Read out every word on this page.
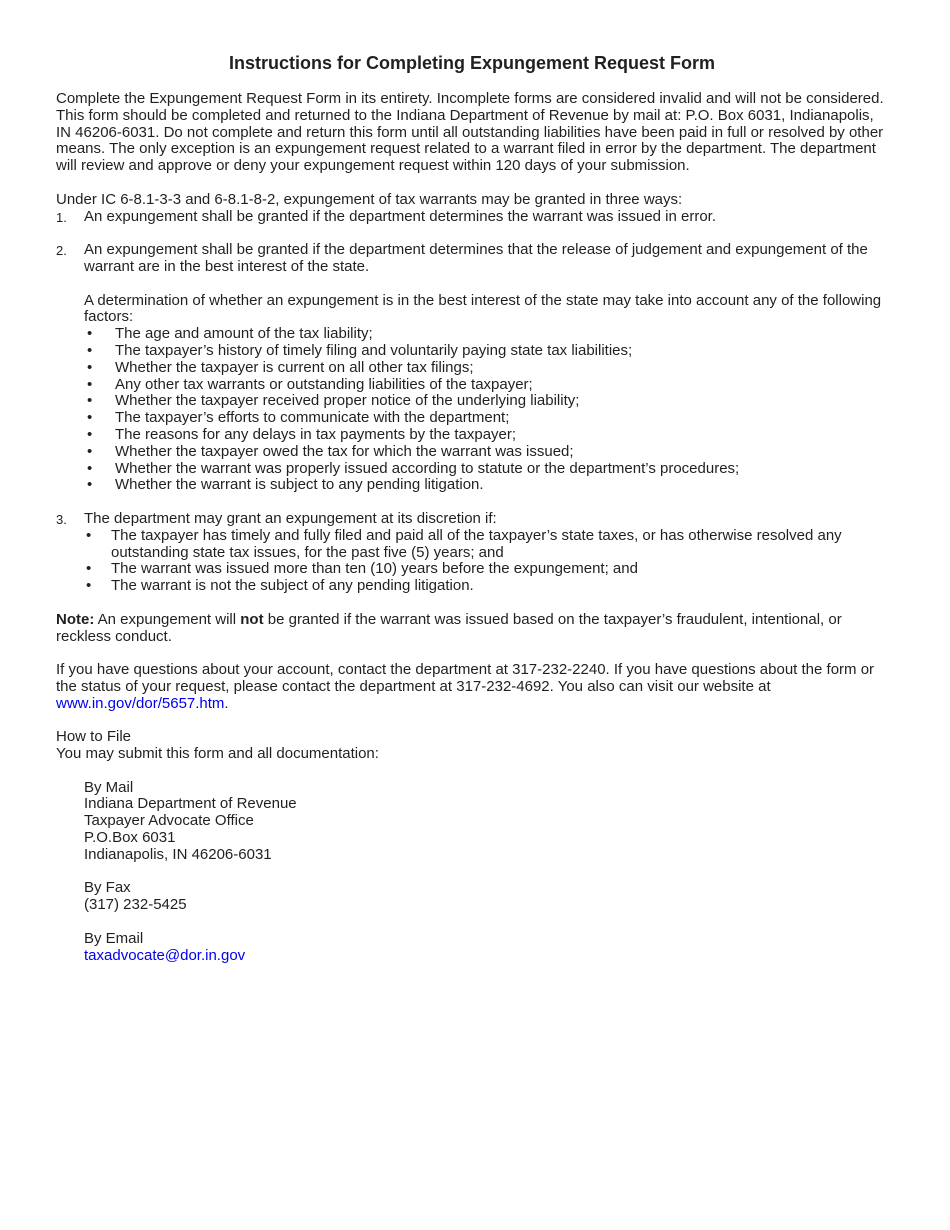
Instructions for Completing Expungement Request Form

Complete the Expungement Request Form in its entirety. Incomplete forms are considered invalid and will not be considered. This form should be completed and returned to the Indiana Department of Revenue by mail at: P.O. Box 6031, Indianapolis, IN 46206-6031. Do not complete and return this form until all outstanding liabilities have been paid in full or resolved by other means. The only exception is an expungement request related to a warrant filed in error by the department. The department will review and approve or deny your expungement request within 120 days of your submission.

Under IC 6-8.1-3-3 and 6-8.1-8-2, expungement of tax warrants may be granted in three ways:

1. An expungement shall be granted if the department determines the warrant was issued in error.
2. An expungement shall be granted if the department determines that the release of judgement and expungement of the warrant are in the best interest of the state.

A determination of whether an expungement is in the best interest of the state may take into account any of the following factors:

• The age and amount of the tax liability;
• The taxpayer’s history of timely filing and voluntarily paying state tax liabilities;
• Whether the taxpayer is current on all other tax filings;
• Any other tax warrants or outstanding liabilities of the taxpayer;
• Whether the taxpayer received proper notice of the underlying liability;
• The taxpayer’s efforts to communicate with the department;
• The reasons for any delays in tax payments by the taxpayer;
• Whether the taxpayer owed the tax for which the warrant was issued;
• Whether the warrant was properly issued according to statute or the department’s procedures;
• Whether the warrant is subject to any pending litigation.
3. The department may grant an expungement at its discretion if:
• The taxpayer has timely and fully filed and paid all of the taxpayer’s state taxes, or has otherwise resolved any outstanding state tax issues, for the past five (5) years; and
• The warrant was issued more than ten (10) years before the expungement; and
• The warrant is not the subject of any pending litigation.

Note: An expungement will not be granted if the warrant was issued based on the taxpayer’s fraudulent, intentional, or reckless conduct.

If you have questions about your account, contact the department at 317-232-2240. If you have questions about the form or the status of your request, please contact the department at 317-232-4692. You also can visit our website at www.in.gov/dor/5657.htm.

How to File

You may submit this form and all documentation:

By Mail

Indiana Department of Revenue

Taxpayer Advocate Office

P.O.Box 6031

Indianapolis, IN 46206-6031

By Fax

(317) 232-5425

By Email

taxadvocate@dor.in.gov
